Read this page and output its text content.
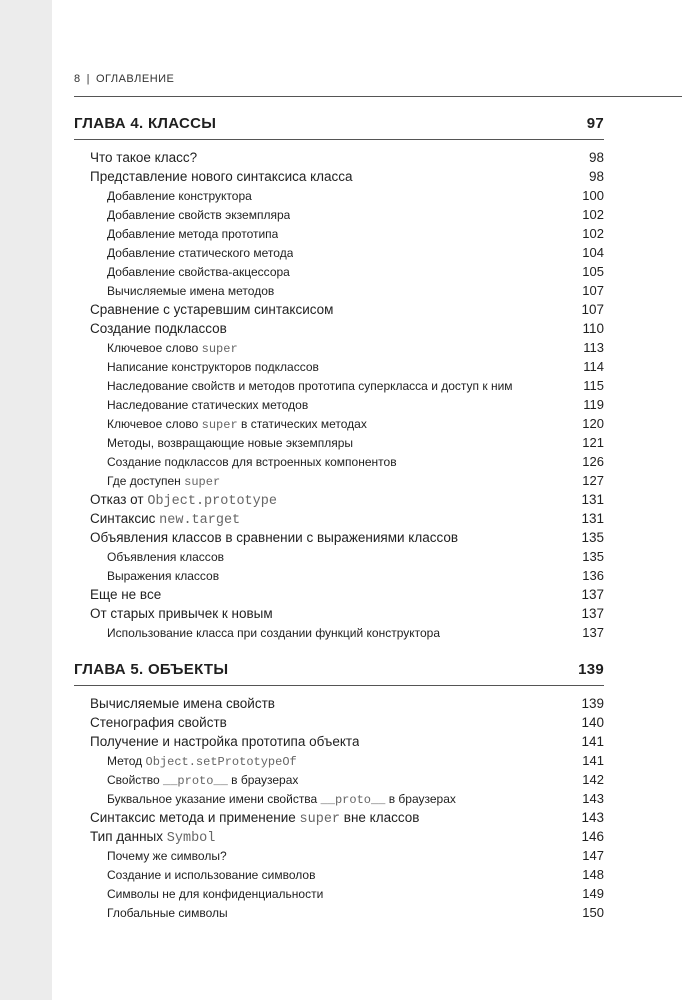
8 | ОГЛАВЛЕНИЕ
ГЛАВА 4. КЛАССЫ	97
Что такое класс?	98
Представление нового синтаксиса класса	98
Добавление конструктора	100
Добавление свойств экземпляра	102
Добавление метода прототипа	102
Добавление статического метода	104
Добавление свойства-акцессора	105
Вычисляемые имена методов	107
Сравнение с устаревшим синтаксисом	107
Создание подклассов	110
Ключевое слово super	113
Написание конструкторов подклассов	114
Наследование свойств и методов прототипа суперкласса и доступ к ним	115
Наследование статических методов	119
Ключевое слово super в статических методах	120
Методы, возвращающие новые экземпляры	121
Создание подклассов для встроенных компонентов	126
Где доступен super	127
Отказ от Object.prototype	131
Синтаксис new.target	131
Объявления классов в сравнении с выражениями классов	135
Объявления классов	135
Выражения классов	136
Еще не все	137
От старых привычек к новым	137
Использование класса при создании функций конструктора	137
ГЛАВА 5. ОБЪЕКТЫ	139
Вычисляемые имена свойств	139
Стенография свойств	140
Получение и настройка прототипа объекта	141
Метод Object.setPrototypeOf	141
Свойство __proto__ в браузерах	142
Буквальное указание имени свойства __proto__ в браузерах	143
Синтаксис метода и применение super вне классов	143
Тип данных Symbol	146
Почему же символы?	147
Создание и использование символов	148
Символы не для конфиденциальности	149
Глобальные символы	150
